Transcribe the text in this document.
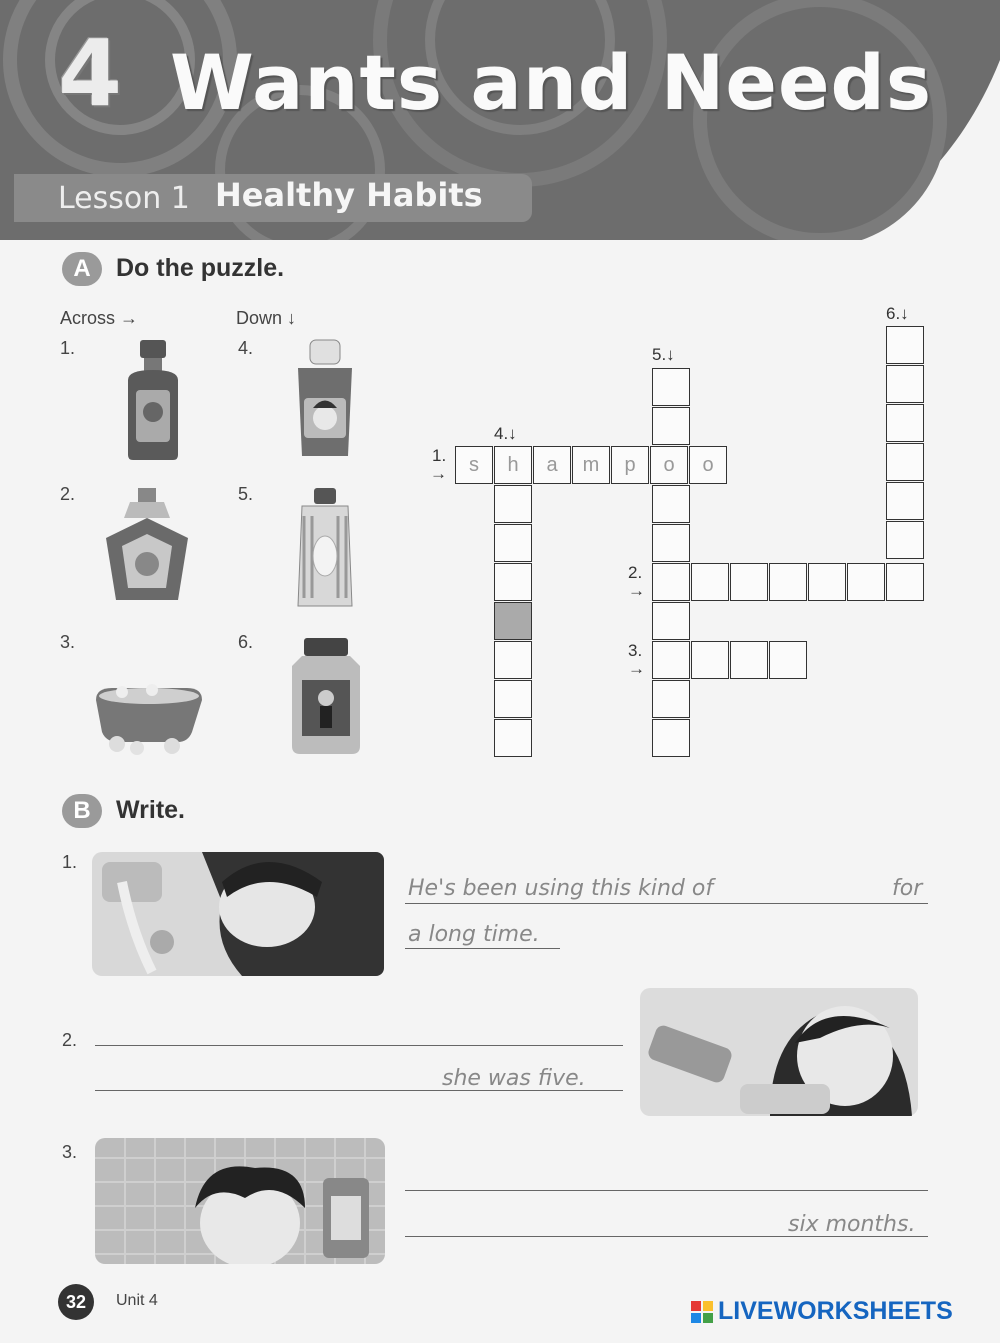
4 Wants and Needs
Lesson 1 Healthy Habits
A	Do the puzzle.
Across →	Down ↓
1.
2.
3.
4.
5.
6.
s	h	a	m	p	o	o
1.
→
4.↓
5.↓
6.↓
2.
→
3.
→
B	Write.
1.
He's been using this kind of	for
a long time.
2.
she was five.
3.
six months.
32	Unit 4	LIVEWORKSHEETS
